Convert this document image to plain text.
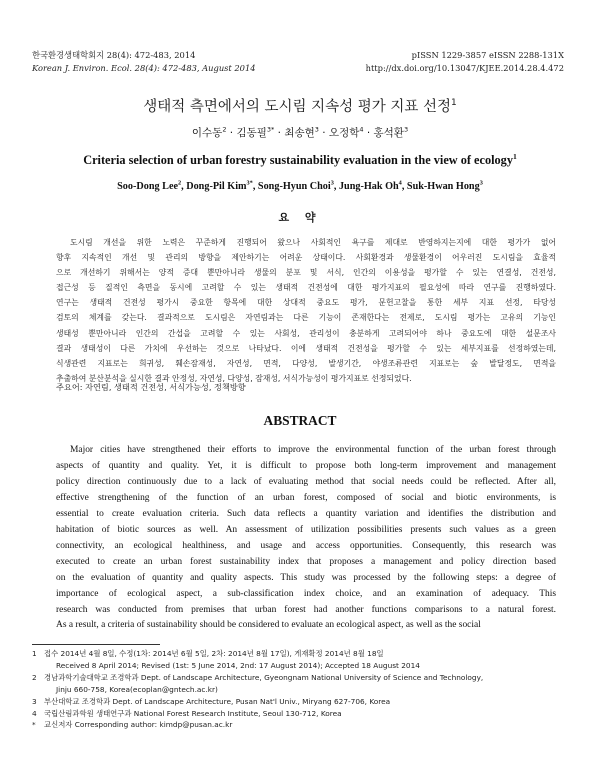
한국환경생태학회지 28(4): 472-483, 2014
Korean J. Environ. Ecol. 28(4): 472-483, August 2014
pISSN 1229-3857 eISSN 2288-131X
http://dx.doi.org/10.13047/KJEE.2014.28.4.472
생태적 측면에서의 도시림 지속성 평가 지표 선정$^1$
이수동$^2$ · 김동필$^{3*}$ · 최송현$^3$ · 오정학$^4$ · 홍석환$^3$
Criteria selection of urban forestry sustainability evaluation in the view of ecology$^1$
Soo-Dong Lee$^2$, Dong-Pil Kim$^{3*}$, Song-Hyun Choi$^3$, Jung-Hak Oh$^4$, Suk-Hwan Hong$^3$
요 약
도시림 개선을 위한 노력은 꾸준하게 진행되어 왔으나 사회적인 욕구를 제대로 반영하지는지에 대한 평가가 없어
향후 지속적인 개선 및 관리의 방향을 제안하기는 어려운 상태이다. 사회환경과 생물환경이 어우러진 도시림을 효율적
으로 개선하기 위해서는 양적 증대 뿐만아니라 생물의 분포 및 서식, 인간의 이용성을 평가할 수 있는 연결성, 건전성,
접근성 등 질적인 측면을 동시에 고려할 수 있는 생태적 건전성에 대한 평가지표의 필요성에 따라 연구를 진행하였다.
연구는 생태적 건전성 평가시 중요한 항목에 대한 상대적 중요도 평가, 문헌고찰을 통한 세부 지표 선정, 타당성
검토의 체계를 갖는다. 결과적으로 도시림은 자연림과는 다른 기능이 존재한다는 전제로, 도시림 평가는 고유의 기능인
생태성 뿐만아니라 인간의 간섭을 고려할 수 있는 사회성, 관리성이 충분하게 고려되어야 하나 중요도에 대한 설문조사
결과 생태성이 다른 가치에 우선하는 것으로 나타났다. 이에 생태적 건전성을 평가할 수 있는 세부지표를 선정하였는데,
식생관련 지표로는 희귀성, 훼손잠재성, 자연성, 면적, 다양성, 발생기간, 야생조류관련 지표로는 숲 발달정도, 면적을
추출하여 분산분석을 실시한 결과 안정성, 자연성, 다양성, 잠재성, 서식가능성이 평가지표로 선정되었다.
주요어: 자연림, 생태적 건전성, 서식가능성, 정책방향
ABSTRACT
Major cities have strengthened their efforts to improve the environmental function of the urban forest through
aspects of quantity and quality. Yet, it is difficult to propose both long-term improvement and management
policy direction continuously due to a lack of evaluating method that social needs could be reflected. After all,
effective strengthening of the function of an urban forest, composed of social and biotic environments, is
essential to create evaluation criteria. Such data reflects a quantity variation and identifies the distribution and
habitation of biotic sources as well. An assessment of utilization possibilities presents such values as a green
connectivity, an ecological healthiness, and usage and access opportunities. Consequently, this research was
executed to create an urban forest sustainability index that proposes a management and policy direction based
on the evaluation of quantity and quality aspects. This study was processed by the following steps: a degree of
importance of ecological aspect, a sub-classification index choice, and an examination of adequacy. This
research was conducted from premises that urban forest had another functions comparisons to a natural forest.
As a result, a criteria of sustainability should be considered to evaluate an ecological aspect, as well as the social
1 접수 2014년 4월 8일, 수정(1차: 2014년 6월 5일, 2차: 2014년 8월 17일), 게재확정 2014년 8월 18일
Received 8 April 2014; Revised (1st: 5 June 2014, 2nd: 17 August 2014); Accepted 18 August 2014
2 경남과학기술대학교 조경학과 Dept. of Landscape Architecture, Gyeongnam National University of Science and Technology,
Jinju 660-758, Korea(ecoplan@gntech.ac.kr)
3 부산대학교 조경학과 Dept. of Landscape Architecture, Pusan Nat'l Univ., Miryang 627-706, Korea
4 국립산림과학원 생태연구과 National Forest Research Institute, Seoul 130-712, Korea
* 교신저자 Corresponding author: kimdp@pusan.ac.kr
